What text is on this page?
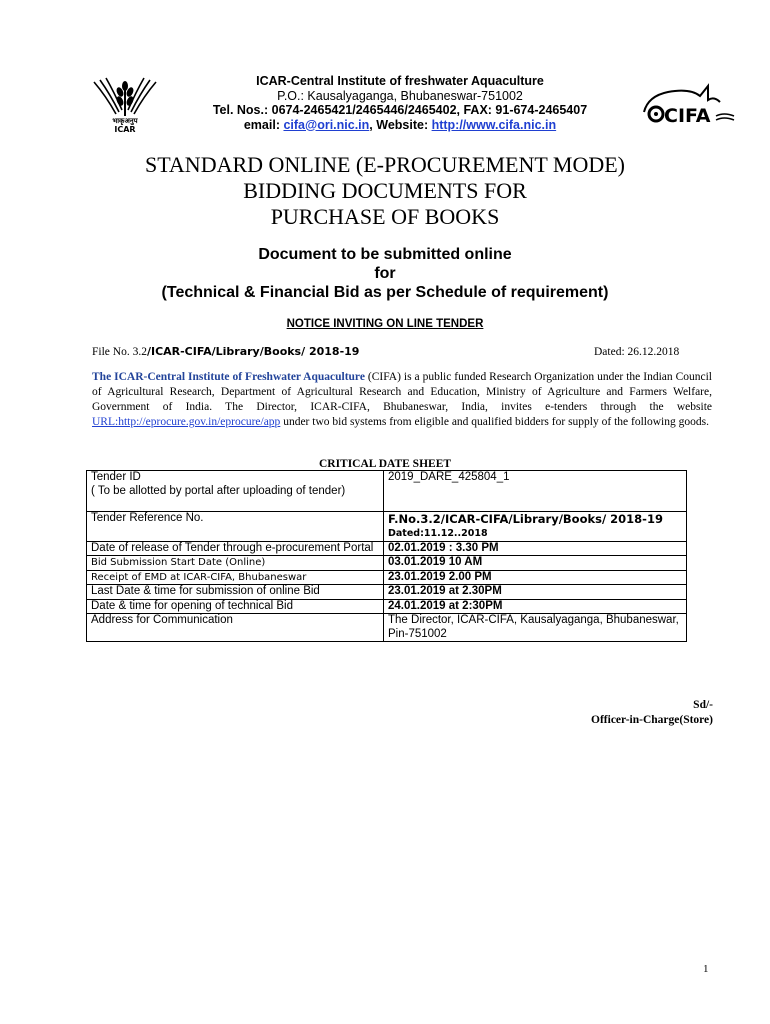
भाकृअनुप
ICAR
CIFA
ICAR-Central Institute of freshwater Aquaculture
P.O.: Kausalyaganga, Bhubaneswar-751002
Tel. Nos.: 0674-2465421/2465446/2465402, FAX: 91-674-2465407
email: cifa@ori.nic.in, Website: http://www.cifa.nic.in
STANDARD ONLINE (E-PROCUREMENT MODE)
BIDDING DOCUMENTS FOR
PURCHASE OF BOOKS
Document to be submitted online
for
(Technical & Financial Bid as per Schedule of requirement)
NOTICE INVITING ON LINE TENDER
File No. 3.2/ICAR-CIFA/Library/Books/ 2018-19	Dated: 26.12.2018
The ICAR-Central Institute of Freshwater Aquaculture (CIFA) is a public funded Research Organization under the Indian Council of Agricultural Research, Department of Agricultural Research and Education, Ministry of Agriculture and Farmers Welfare, Government of India. The Director, ICAR-CIFA, Bhubaneswar, India, invites e-tenders through the website URL:http://eprocure.gov.in/eprocure/app under two bid systems from eligible and qualified bidders for supply of the following goods.
CRITICAL DATE SHEET
Tender ID
( To be allotted by portal after uploading of tender)	2019_DARE_425804_1
Tender Reference No.	F.No.3.2/ICAR-CIFA/Library/Books/ 2018-19
Dated:11.12..2018

Date of release of Tender through e-procurement Portal	02.01.2019 : 3.30 PM
Bid Submission Start Date (Online)	03.01.2019 10 AM
Receipt of EMD at ICAR-CIFA, Bhubaneswar	23.01.2019 2.00 PM
Last Date & time for submission of online Bid	23.01.2019 at 2.30PM
Date & time for opening of technical Bid	24.01.2019 at 2:30PM
Address for Communication	The Director, ICAR-CIFA, Kausalyaganga, Bhubaneswar, Pin-751002
Sd/-
Officer-in-Charge(Store)
1
